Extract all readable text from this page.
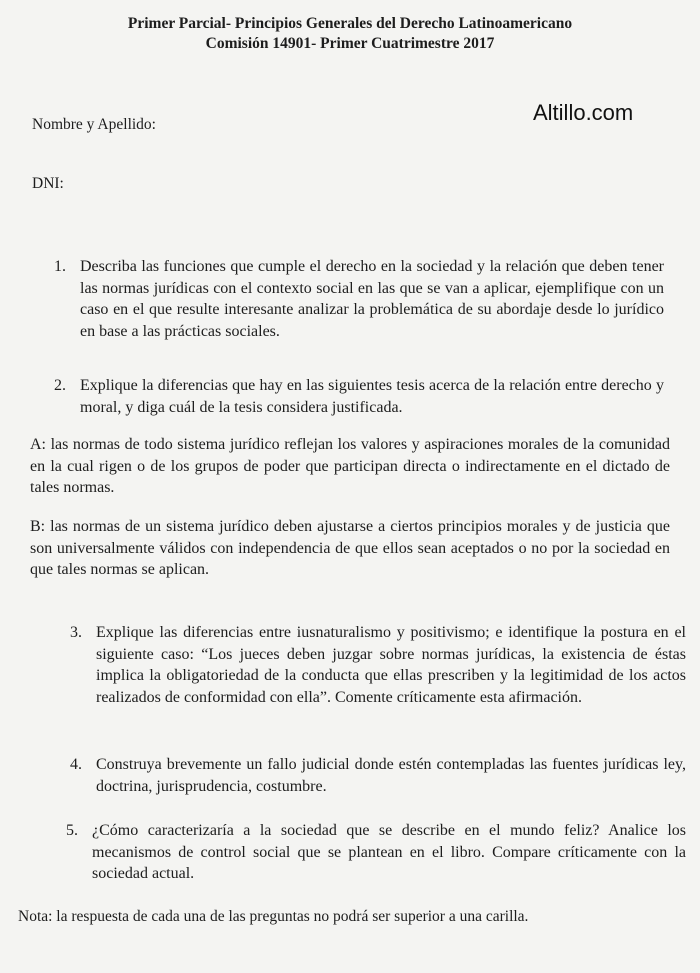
Primer Parcial- Principios Generales del Derecho Latinoamericano
Comisión 14901- Primer Cuatrimestre 2017
Altillo.com
Nombre y Apellido:
DNI:
1. Describa las funciones que cumple el derecho en la sociedad y la relación que deben tener las normas jurídicas con el contexto social en las que se van a aplicar, ejemplifique con un caso en el que resulte interesante analizar la problemática de su abordaje desde lo jurídico en base a las prácticas sociales.
2. Explique la diferencias que hay en las siguientes tesis acerca de la relación entre derecho y moral, y diga cuál de la tesis considera justificada.
A: las normas de todo sistema jurídico reflejan los valores y aspiraciones morales de la comunidad en la cual rigen o de los grupos de poder que participan directa o indirectamente en el dictado de tales normas.
B: las normas de un sistema jurídico deben ajustarse a ciertos principios morales y de justicia que son universalmente válidos con independencia de que ellos sean aceptados o no por la sociedad en que tales normas se aplican.
3. Explique las diferencias entre iusnaturalismo y positivismo; e identifique la postura en el siguiente caso: “Los jueces deben juzgar sobre normas jurídicas, la existencia de éstas implica la obligatoriedad de la conducta que ellas prescriben y la legitimidad de los actos realizados de conformidad con ella”. Comente críticamente esta afirmación.
4. Construya brevemente un fallo judicial donde estén contempladas las fuentes jurídicas ley, doctrina, jurisprudencia, costumbre.
5. ¿Cómo caracterizaría a la sociedad que se describe en el mundo feliz? Analice los mecanismos de control social que se plantean en el libro. Compare críticamente con la sociedad actual.
Nota: la respuesta de cada una de las preguntas no podrá ser superior a una carilla.
